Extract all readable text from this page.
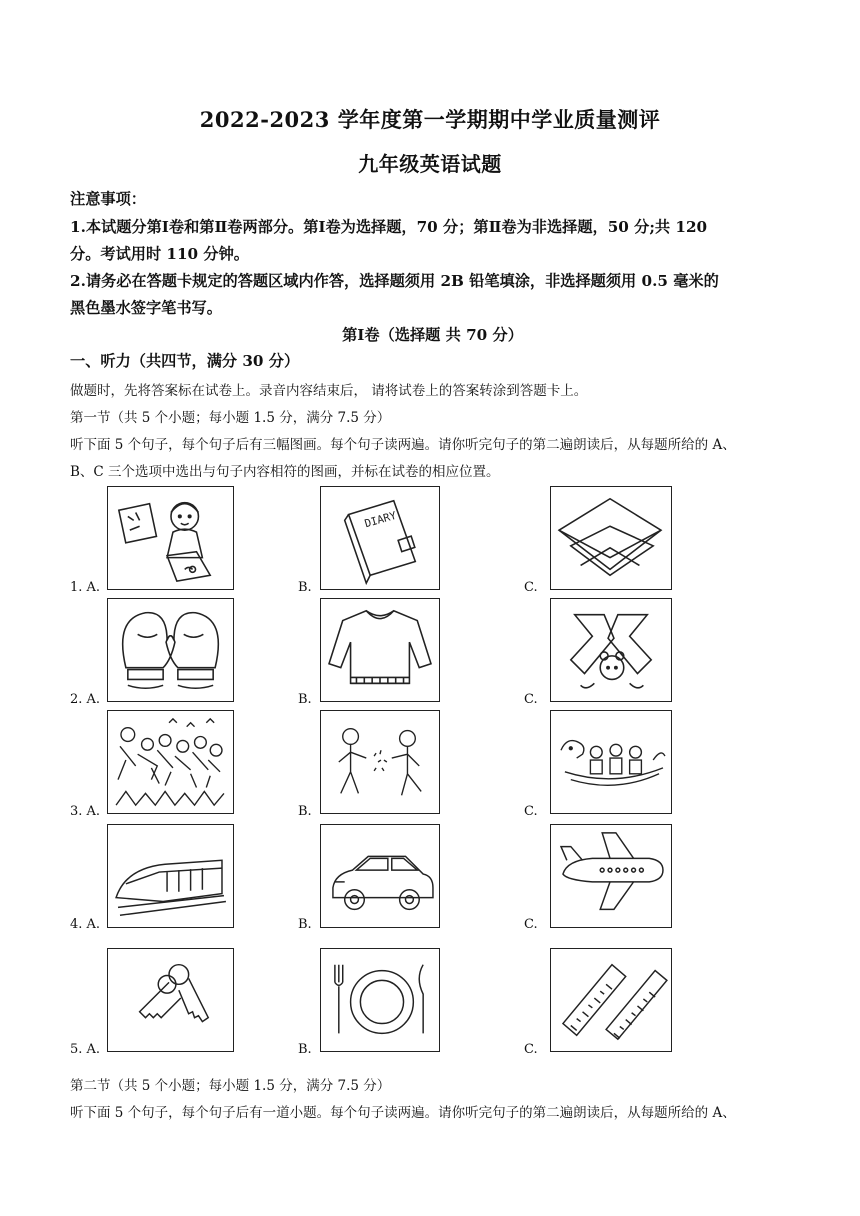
2022-2023 学年度第一学期期中学业质量测评
九年级英语试题
注意事项：
1.本试题分第Ⅰ卷和第Ⅱ卷两部分。第Ⅰ卷为选择题，70 分；第Ⅱ卷为非选择题，50 分;共 120
分。考试用时 110 分钟。
2.请务必在答题卡规定的答题区域内作答，选择题须用 2B 铅笔填涂，非选择题须用 0.5 毫米的
黑色墨水签字笔书写。
第Ⅰ卷（选择题 共 70 分）
一、听力（共四节，满分 30 分）
做题时，先将答案标在试卷上。录音内容结束后， 请将试卷上的答案转涂到答题卡上。
第一节（共 5 个小题；每小题 1.5 分，满分 7.5 分）
听下面 5 个句子，每个句子后有三幅图画。每个句子读两遍。请你听完句子的第二遍朗读后，从每题所给的 A、
B、C 三个选项中选出与句子内容相符的图画，并标在试卷的相应位置。
1. A.	B.	C.
DIARY
2. A.	B.	C.
3. A.	B.	C.
4. A.	B.	C.
5. A.	B.	C.
第二节（共 5 个小题；每小题 1.5 分，满分 7.5 分）
听下面 5 个句子，每个句子后有一道小题。每个句子读两遍。请你听完句子的第二遍朗读后，从每题所给的 A、
